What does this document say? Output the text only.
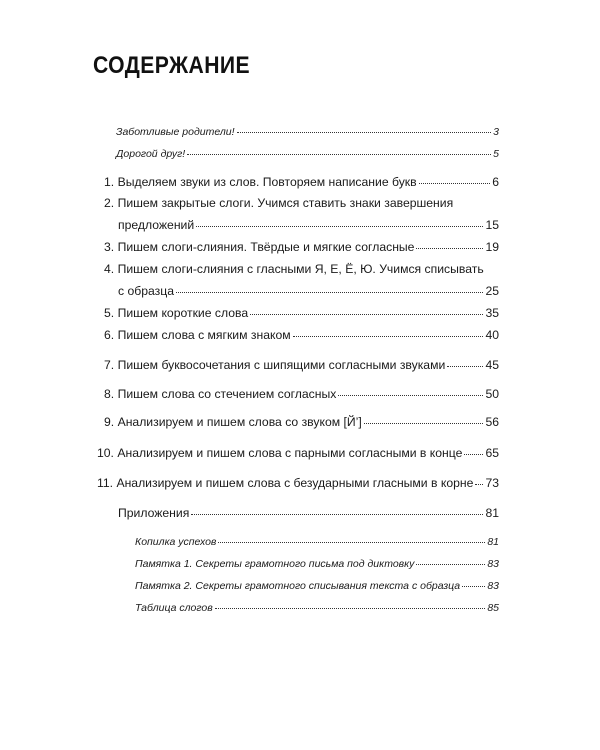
СОДЕРЖАНИЕ
Заботливые родители!	3
Дорогой друг!	5
1. Выделяем звуки из слов. Повторяем написание букв	6
2. Пишем закрытые слоги. Учимся ставить знаки завершения
предложений	15
3. Пишем слоги-слияния. Твёрдые и мягкие согласные	19
4. Пишем слоги-слияния с гласными Я, Е, Ё, Ю. Учимся списывать
с образца	25
5. Пишем короткие слова	35
6. Пишем слова с мягким знаком	40
7. Пишем буквосочетания с шипящими согласными звуками	45
8. Пишем слова со стечением согласных	50
9. Анализируем и пишем слова со звуком [Й’]	56
10. Анализируем и пишем слова с парными согласными в конце 65
11. Анализируем и пишем слова с безударными гласными в корне 73
Приложения	81
Копилка успехов	81
Памятка 1. Секреты грамотного письма под диктовку	83
Памятка 2. Секреты грамотного списывания текста с образца	83
Таблица слогов	85
